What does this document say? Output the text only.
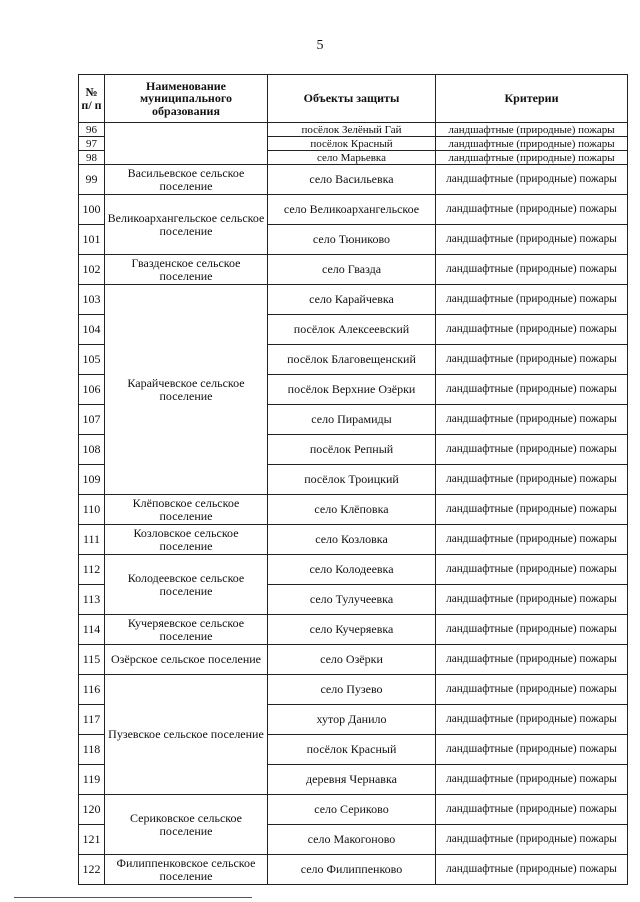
5
№ п/ п	Наименование муниципального образования	Объекты защиты	Критерии
96		посёлок Зелёный Гай	ландшафтные (природные) пожары
97		посёлок Красный	ландшафтные (природные) пожары
98		село Марьевка	ландшафтные (природные) пожары
99	Васильевское сельское поселение	село Васильевка	ландшафтные (природные) пожары
100	Великоархангельское сельское поселение	село Великоархангельское	ландшафтные (природные) пожары
101		село Тюниково	ландшафтные (природные) пожары
102	Гвазденское сельское поселение	село Гвазда	ландшафтные (природные) пожары
103	Карайчевское сельское поселение	село Карайчевка	ландшафтные (природные) пожары
104		посёлок Алексеевский	ландшафтные (природные) пожары
105		посёлок Благовещенский	ландшафтные (природные) пожары
106		посёлок Верхние Озёрки	ландшафтные (природные) пожары
107		село Пирамиды	ландшафтные (природные) пожары
108		посёлок Репный	ландшафтные (природные) пожары
109		посёлок Троицкий	ландшафтные (природные) пожары
110	Клёповское сельское поселение	село Клёповка	ландшафтные (природные) пожары
111	Козловское сельское поселение	село Козловка	ландшафтные (природные) пожары
112	Колодеевское сельское поселение	село Колодеевка	ландшафтные (природные) пожары
113		село Тулучеевка	ландшафтные (природные) пожары
114	Кучеряевское сельское поселение	село Кучеряевка	ландшафтные (природные) пожары
115	Озёрское сельское поселение	село Озёрки	ландшафтные (природные) пожары
116	Пузевское сельское поселение	село Пузево	ландшафтные (природные) пожары
117		хутор Данило	ландшафтные (природные) пожары
118		посёлок Красный	ландшафтные (природные) пожары
119		деревня Чернавка	ландшафтные (природные) пожары
120	Сериковское сельское поселение	село Сериково	ландшафтные (природные) пожары
121		село Макогоново	ландшафтные (природные) пожары
122	Филиппенковское сельское поселение	село Филиппенково	ландшафтные (природные) пожары
